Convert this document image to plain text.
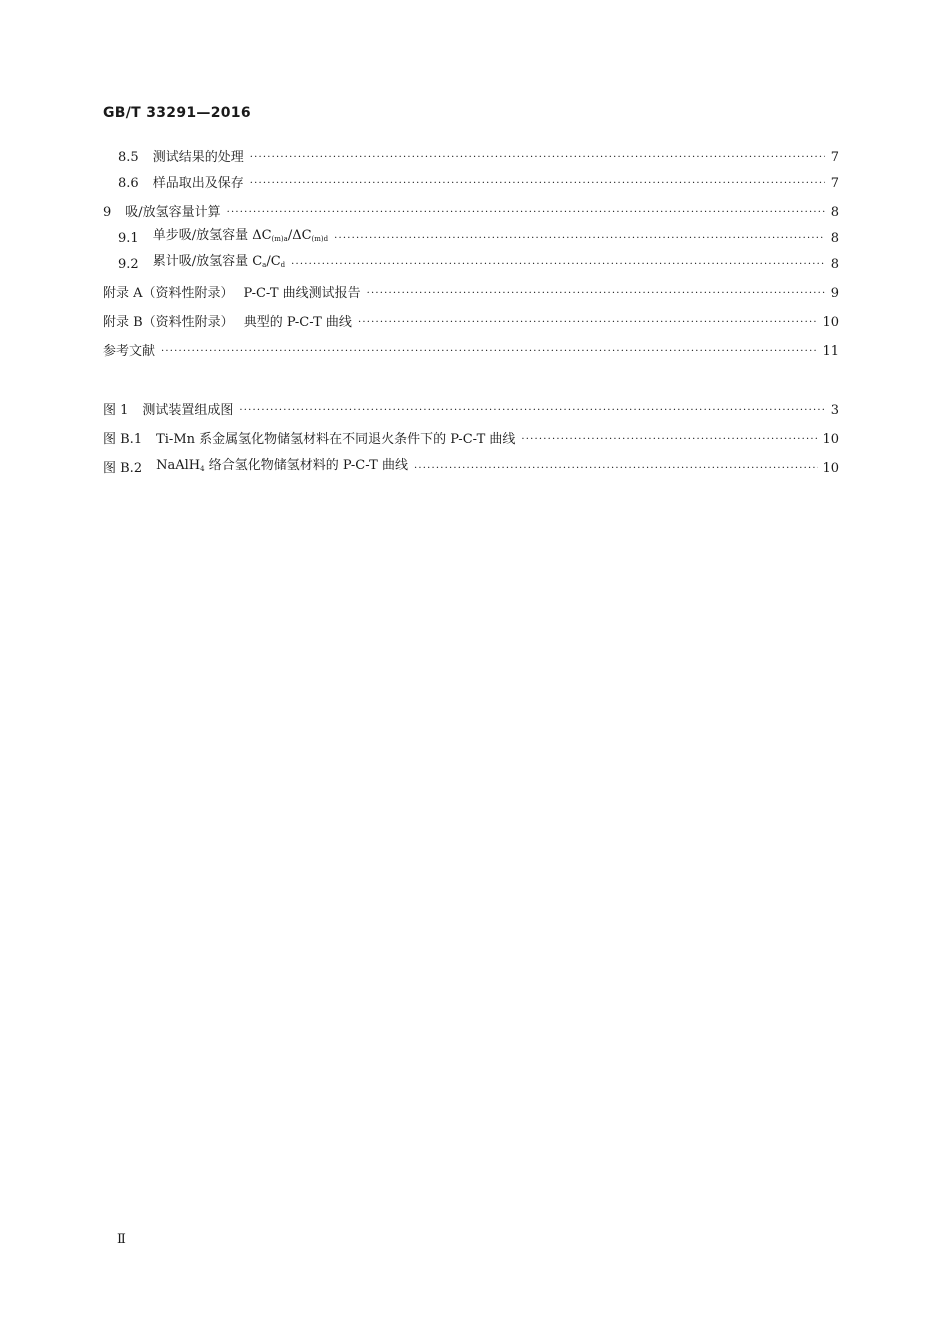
GB/T 33291—2016
8.5 测试结果的处理 ·····	7
8.6 样品取出及保存 ·····	7
9 吸/放氢容量计算 ·····	8
9.1 单步吸/放氢容量 $\Delta C_{(m)a}/\Delta C_{(m)d}$ ·····	8
9.2 累计吸/放氢容量 $C_a/C_d$ ·····	8
附录 A（资料性附录） P-C-T 曲线测试报告 ·····	9
附录 B（资料性附录） 典型的 P-C-T 曲线 ·····	10
参考文献 ·····	11
图 1 测试装置组成图 ·····	3
图 B.1 Ti-Mn 系金属氢化物储氢材料在不同退火条件下的 P-C-T 曲线 ·····	10
图 B.2 NaAlH$_4$ 络合氢化物储氢材料的 P-C-T 曲线 ·····	10
Ⅱ
